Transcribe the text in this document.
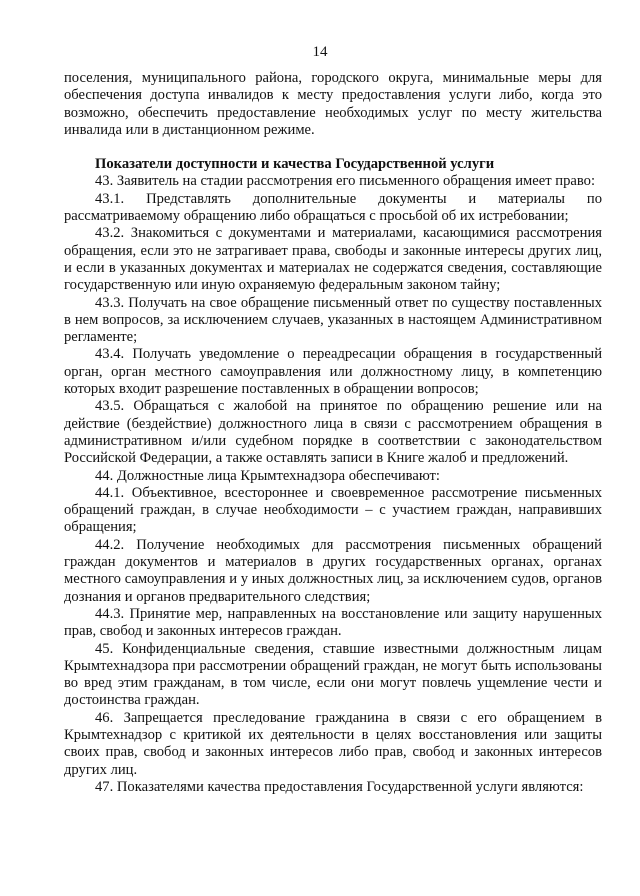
14

поселения, муниципального района, городского округа, минимальные меры для обеспечения доступа инвалидов к месту предоставления услуги либо, когда это возможно, обеспечить предоставление необходимых услуг по месту жительства инвалида или в дистанционном режиме.

Показатели доступности и качества Государственной услуги

43. Заявитель на стадии рассмотрения его письменного обращения имеет право:

43.1. Представлять дополнительные документы и материалы по рассматриваемому обращению либо обращаться с просьбой об их истребовании;

43.2. Знакомиться с документами и материалами, касающимися рассмотрения обращения, если это не затрагивает права, свободы и законные интересы других лиц, и если в указанных документах и материалах не содержатся сведения, составляющие государственную или иную охраняемую федеральным законом тайну;

43.3. Получать на свое обращение письменный ответ по существу поставленных в нем вопросов, за исключением случаев, указанных в настоящем Административном регламенте;

43.4. Получать уведомление о переадресации обращения в государственный орган, орган местного самоуправления или должностному лицу, в компетенцию которых входит разрешение поставленных в обращении вопросов;

43.5. Обращаться с жалобой на принятое по обращению решение или на действие (бездействие) должностного лица в связи с рассмотрением обращения в административном и/или судебном порядке в соответствии с законодательством Российской Федерации, а также оставлять записи в Книге жалоб и предложений.

44. Должностные лица Крымтехнадзора обеспечивают:

44.1. Объективное, всестороннее и своевременное рассмотрение письменных обращений граждан, в случае необходимости – с участием граждан, направивших обращения;

44.2. Получение необходимых для рассмотрения письменных обращений граждан документов и материалов в других государственных органах, органах местного самоуправления и у иных должностных лиц, за исключением судов, органов дознания и органов предварительного следствия;

44.3. Принятие мер, направленных на восстановление или защиту нарушенных прав, свобод и законных интересов граждан.

45. Конфиденциальные сведения, ставшие известными должностным лицам Крымтехнадзора при рассмотрении обращений граждан, не могут быть использованы во вред этим гражданам, в том числе, если они могут повлечь ущемление чести и достоинства граждан.

46. Запрещается преследование гражданина в связи с его обращением в Крымтехнадзор с критикой их деятельности в целях восстановления или защиты своих прав, свобод и законных интересов либо прав, свобод и законных интересов других лиц.

47. Показателями качества предоставления Государственной услуги являются:
